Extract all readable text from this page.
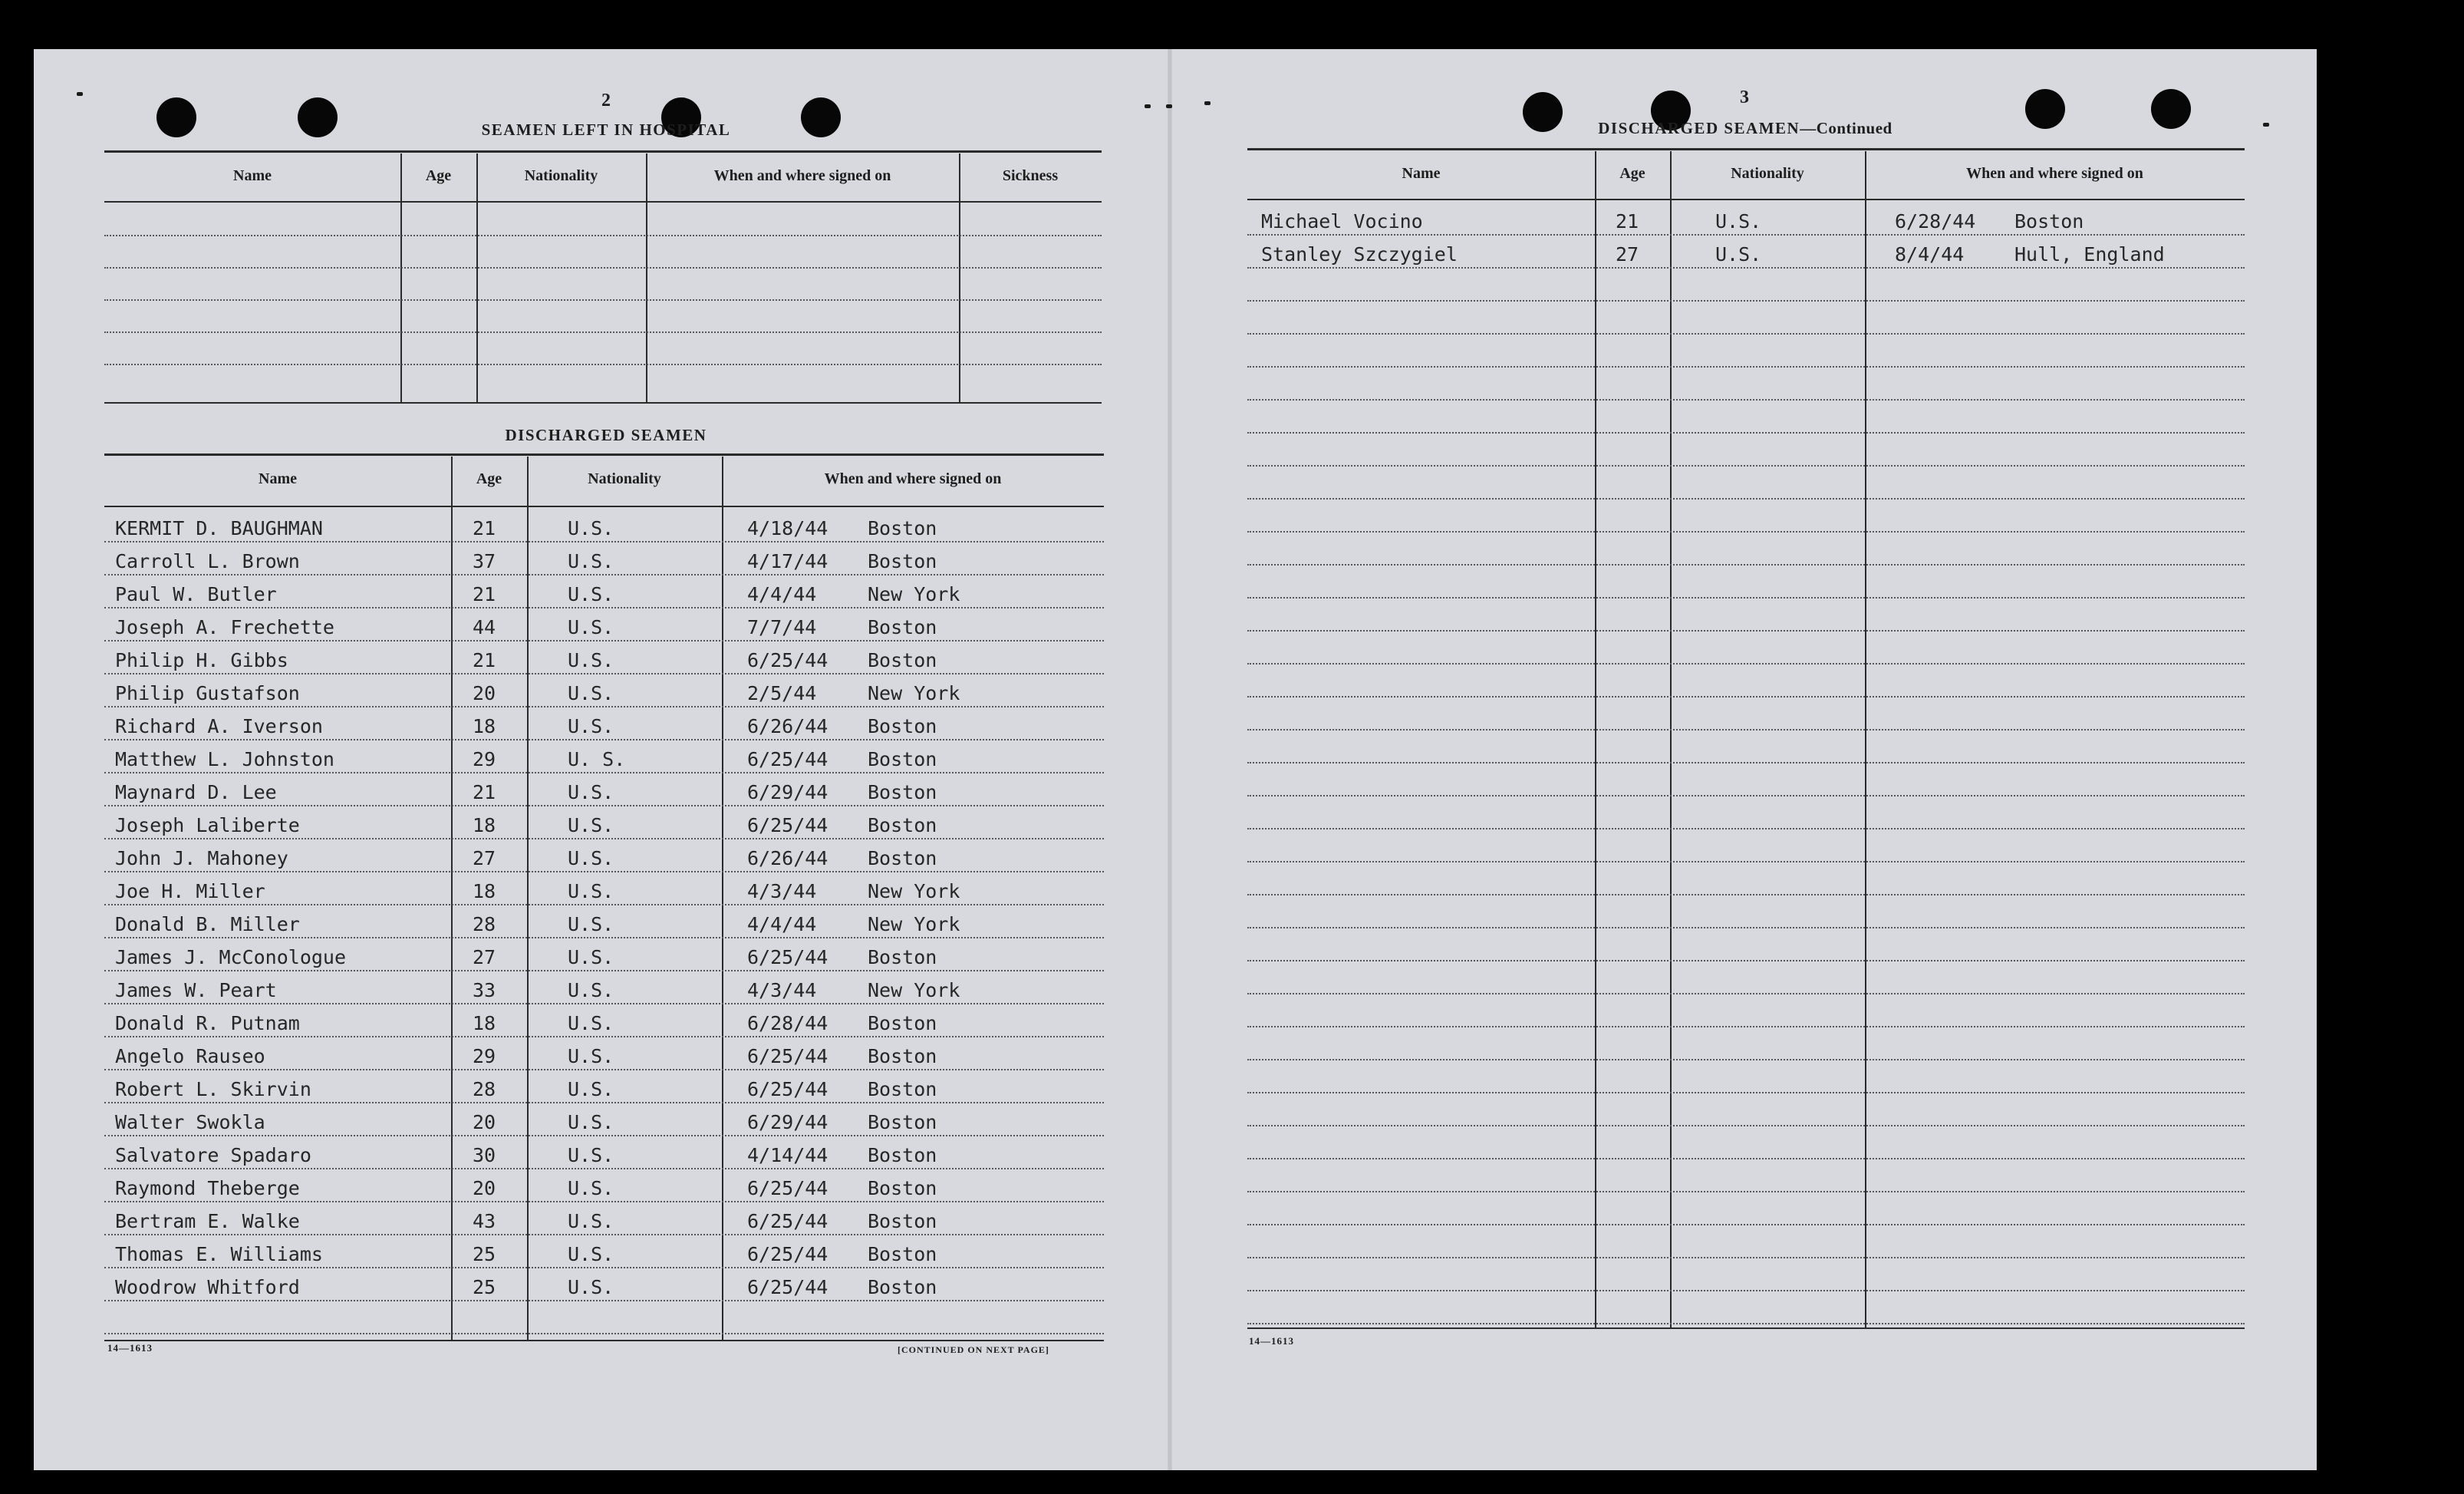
2
SEAMEN LEFT IN HOSPITAL
Name	Age	Nationality	When and where signed on	Sickness
DISCHARGED SEAMEN
Name	Age	Nationality	When and where signed on
KERMIT D. BAUGHMAN	21	U.S.	4/18/44 Boston
Carroll L. Brown	37	U.S.	4/17/44 Boston
Paul W. Butler	21	U.S.	4/4/44	New York
Joseph A. Frechette	44	U.S.	7/7/44	Boston
Philip H. Gibbs	21	U.S.	6/25/44 Boston
Philip Gustafson	20	U.S.	2/5/44	New York
Richard A. Iverson	18	U.S.	6/26/44 Boston
Matthew L. Johnston	29	U. S.	6/25/44 Boston
Maynard D. Lee	21	U.S.	6/29/44 Boston
Joseph Laliberte	18	U.S.	6/25/44 Boston
John J. Mahoney	27	U.S.	6/26/44 Boston
Joe H. Miller	18	U.S.	4/3/44	New York
Donald B. Miller	28	U.S.	4/4/44	New York
James J. McConologue	27	U.S.	6/25/44 Boston
James W. Peart	33	U.S.	4/3/44	New York
Donald R. Putnam	18	U.S.	6/28/44 Boston
Angelo Rauseo	29	U.S.	6/25/44 Boston
Robert L. Skirvin	28	U.S.	6/25/44 Boston
Walter Swokla	20	U.S.	6/29/44 Boston
Salvatore Spadaro	30	U.S.	4/14/44 Boston
Raymond Theberge	20	U.S.	6/25/44 Boston
Bertram E. Walke	43	U.S.	6/25/44 Boston
Thomas E. Williams	25	U.S.	6/25/44 Boston
Woodrow Whitford	25	U.S.	6/25/44 Boston
14—1613	[CONTINUED ON NEXT PAGE]
3
DISCHARGED SEAMEN—Continued
Name	Age	Nationality	When and where signed on
Michael Vocino	21	U.S.	6/28/44 Boston
Stanley Szczygiel	27	U.S.	8/4/44	Hull, England
14—1613
